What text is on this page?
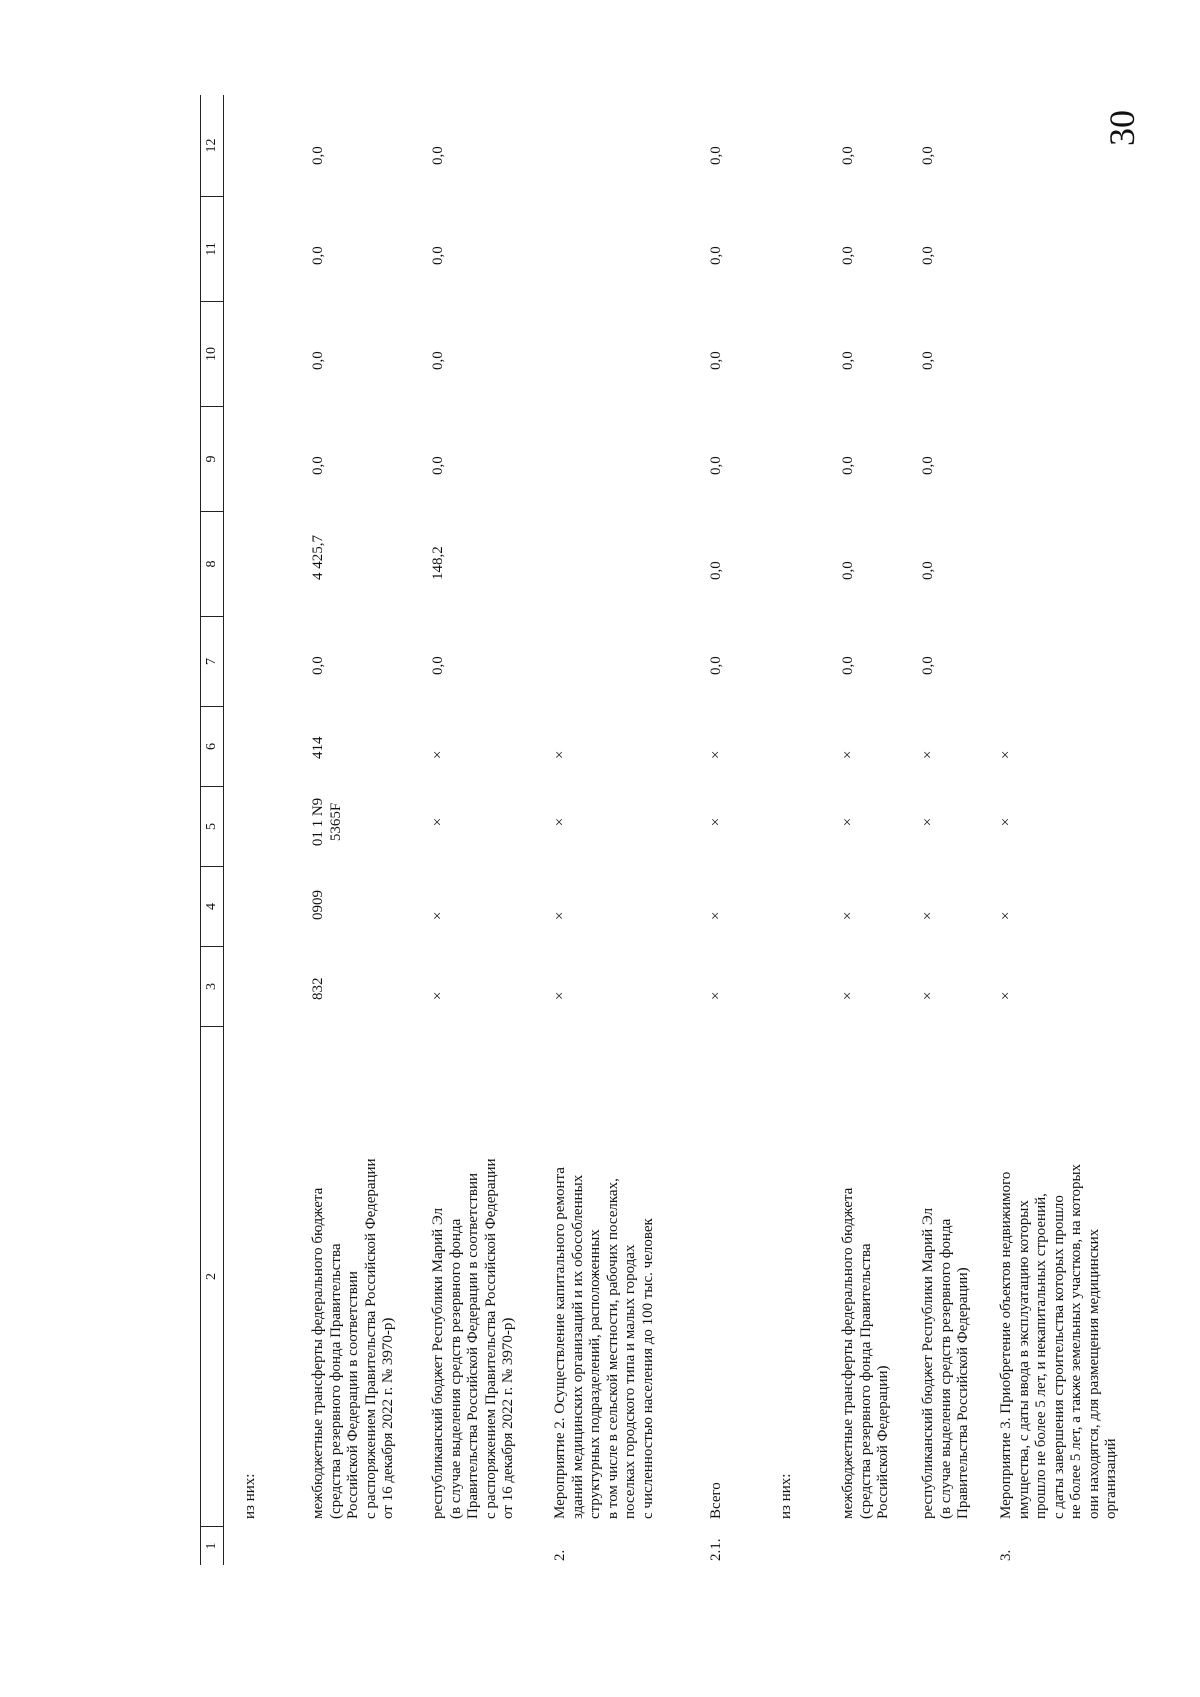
30
1
2
3
4
5
6
7
8
9
10
11
12
из них:	межбюджетные трансферты федерального бюджета (средства резервного фонда Правительства Российской Федерации в соответствии с распоряжением Правительства Российской Федерации от 16 декабря 2022 г. № 3970-р)
832
0909
01 1 N9 5365F
414
0,0
4 425,7
0,0
0,0
0,0
0,0
республиканский бюджет Республики Марий Эл (в случае выделения средств резервного фонда Правительства Российской Федерации в соответствии с распоряжением Правительства Российской Федерации от 16 декабря 2022 г. № 3970-р)
×
×
×
×
0,0
148,2
0,0
0,0
0,0
0,0
2.
Мероприятие 2. Осуществление капитального ремонта зданий медицинских организаций и их обособленных структурных подразделений, расположенных в том числе в сельской местности, рабочих поселках, поселках городского типа и малых городах с численностью населения до 100 тыс. человек
×
×
×
×
2.1.
Всего
×
×
×
×
0,0
0,0
0,0
0,0
0,0
0,0
из них:	межбюджетные трансферты федерального бюджета (средства резервного фонда Правительства Российской Федерации)
×
×
×
×
0,0
0,0
0,0
0,0
0,0
0,0
республиканский бюджет Республики Марий Эл (в случае выделения средств резервного фонда Правительства Российской Федерации)
×
×
×
×
0,0
0,0
0,0
0,0
0,0
0,0
3.
Мероприятие 3. Приобретение объектов недвижимого имущества, с даты ввода в эксплуатацию которых прошло не более 5 лет, и некапитальных строений, с даты завершения строительства которых прошло не более 5 лет, а также земельных участков, на которых они находятся, для размещения медицинских организаций
×
×
×
×
